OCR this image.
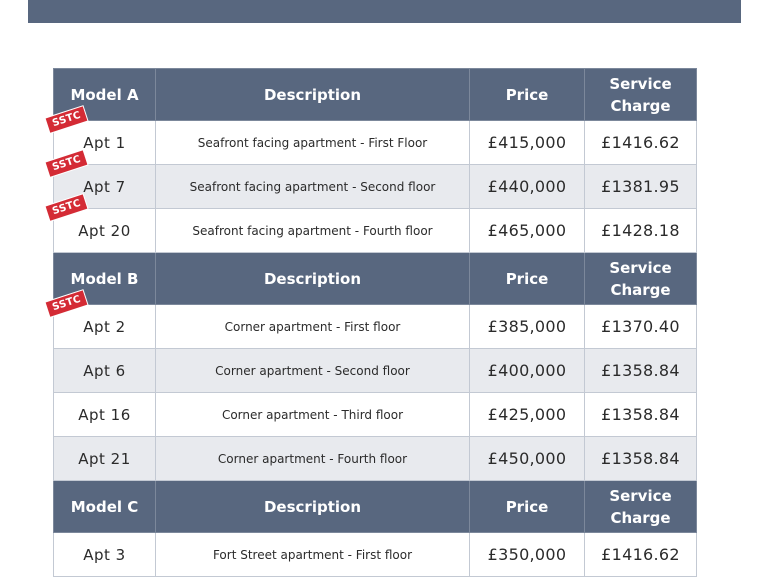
Model A	Description	Price	Service
Charge

SSTC
Apt 1	Seafront facing apartment - First Floor	£415,000	£1416.62

SSTC
Apt 7	Seafront facing apartment - Second floor	£440,000	£1381.95

SSTC
Apt 20	Seafront facing apartment - Fourth floor	£465,000	£1428.18
Model B	Description	Price	Service
Charge

SSTC
Apt 2	Corner apartment - First floor	£385,000	£1370.40
Apt 6	Corner apartment - Second floor	£400,000	£1358.84
Apt 16	Corner apartment - Third floor	£425,000	£1358.84
Apt 21	Corner apartment - Fourth floor	£450,000	£1358.84
Model C	Description	Price	Service
Charge
Apt 3	Fort Street apartment - First floor	£350,000	£1416.62
